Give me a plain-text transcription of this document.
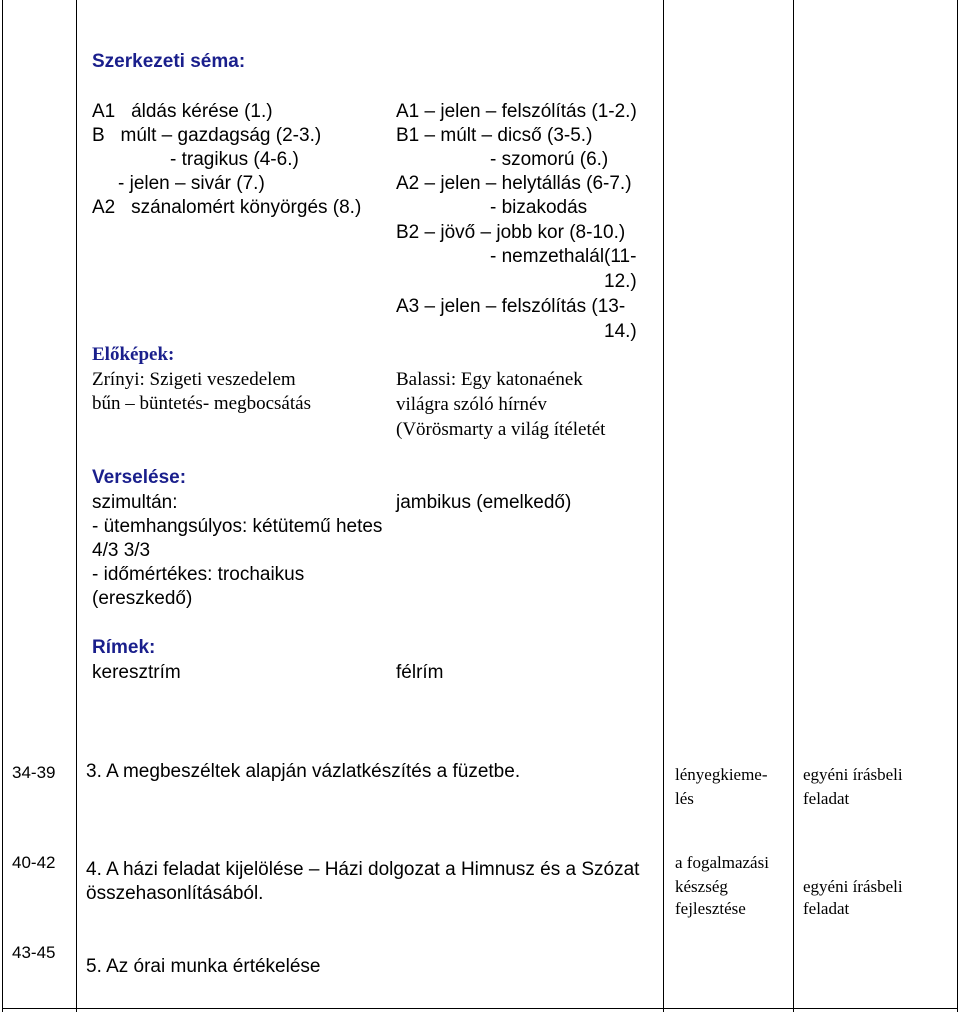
Szerkezeti séma:
A1   áldás kérése (1.)
B   múlt – gazdagság (2-3.)
- tragikus (4-6.)
- jelen – sivár (7.)
A2   szánalomért könyörgés (8.)
A1 – jelen – felszólítás (1-2.)
B1 – múlt – dicső (3-5.)
- szomorú (6.)
A2 – jelen – helytállás (6-7.)
- bizakodás
B2 – jövő – jobb kor (8-10.)
- nemzethalál(11-
12.)
A3 – jelen – felszólítás (13-
14.)
Előképek:
Zrínyi: Szigeti veszedelem
bűn – büntetés- megbocsátás
Balassi: Egy katonaének
világra szóló hírnév
(Vörösmarty a világ ítéletét
Verselése:
szimultán:
- ütemhangsúlyos: kétütemű hetes
4/3 3/3
- időmértékes: trochaikus
(ereszkedő)
jambikus (emelkedő)
Rímek:
keresztrím	félrím
34-39 3. A megbeszéltek alapján vázlatkészítés a füzetbe.	lényegkieme-
lés
egyéni írásbeli
feladat
40-42 4. A házi feladat kijelölése – Házi dolgozat a Himnusz és a Szózat
összehasonlításából.
a fogalmazási
készség
fejlesztése
egyéni írásbeli
feladat
43-45
5. Az órai munka értékelése
